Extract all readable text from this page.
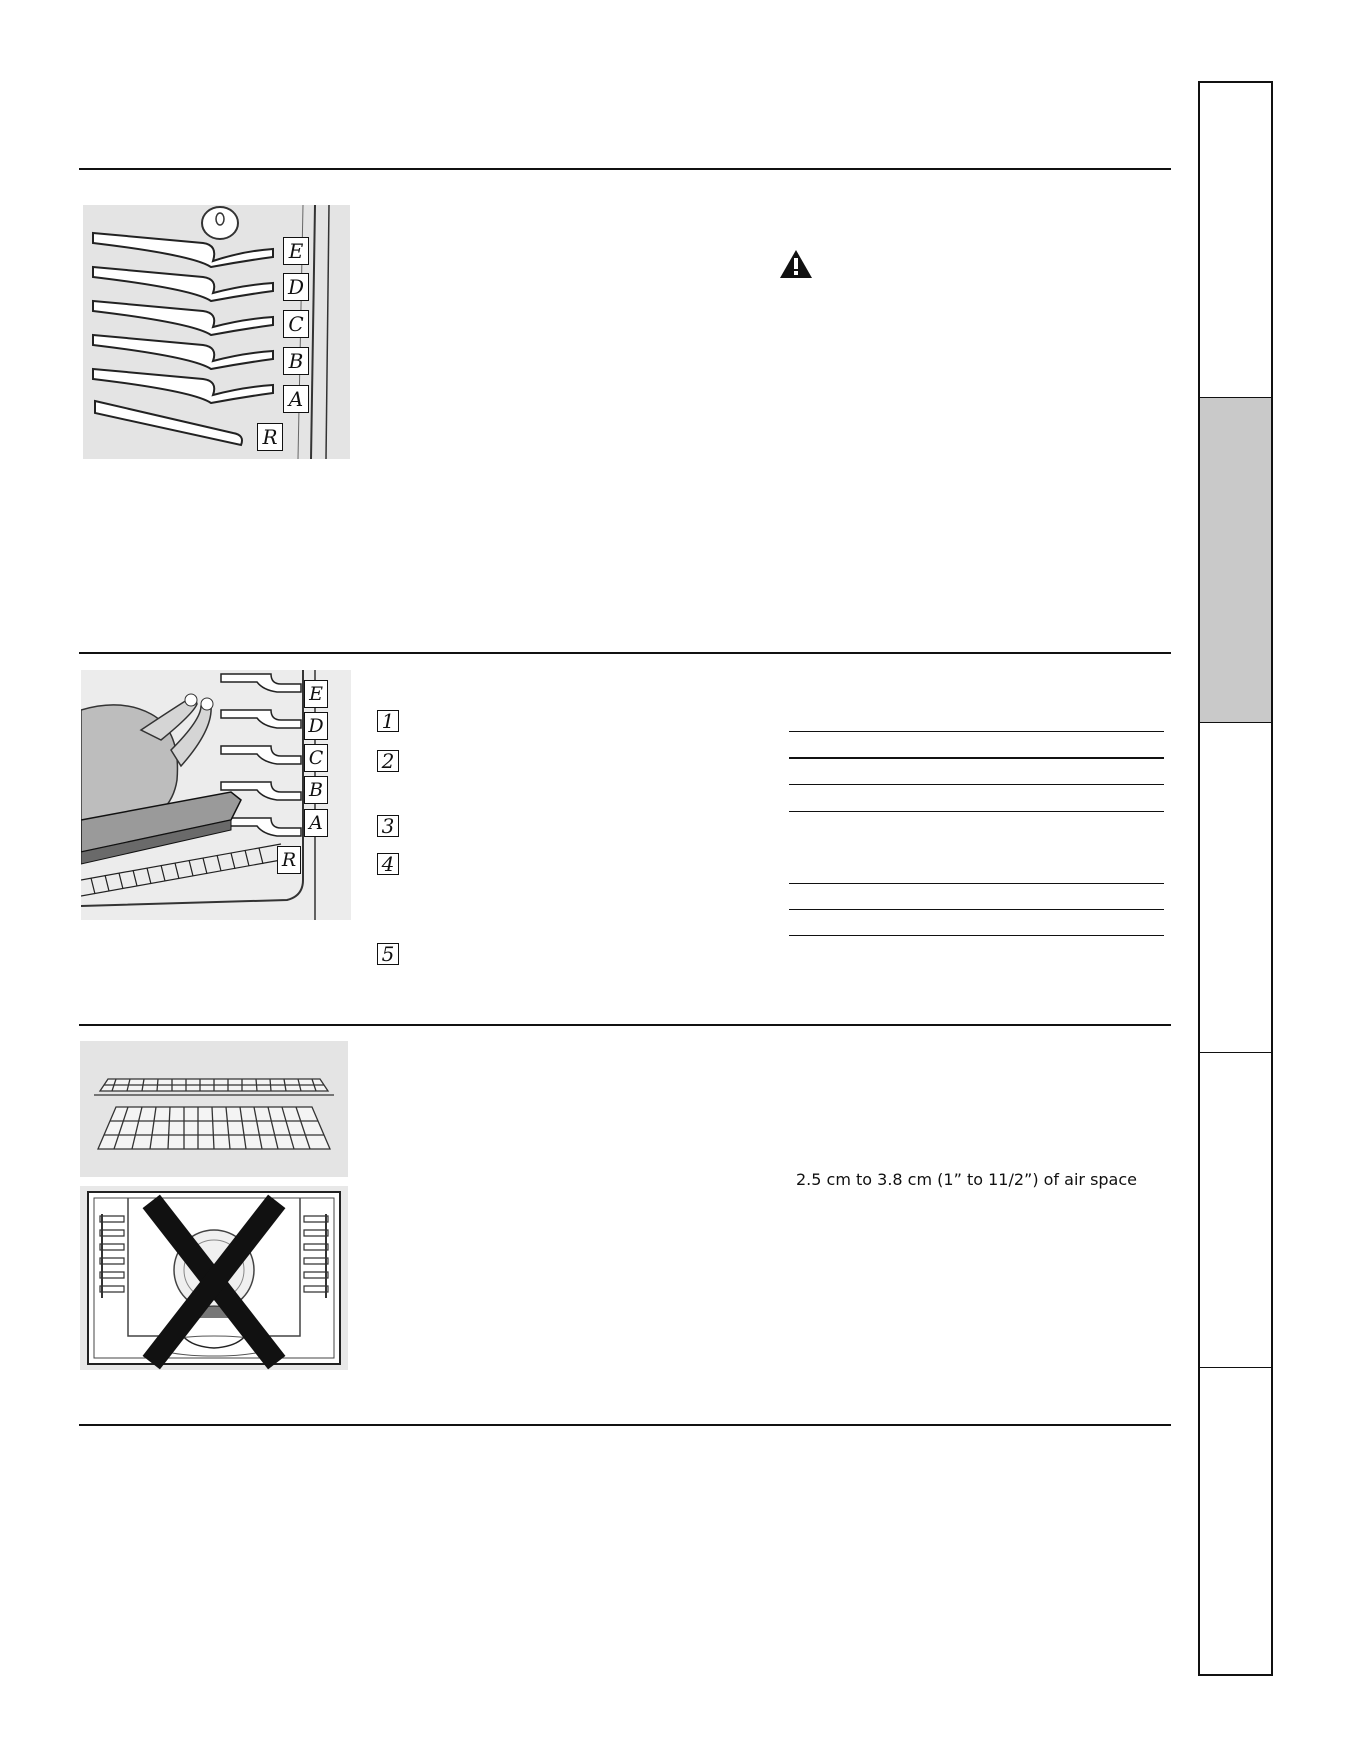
E
D
C
B
A
R
E
D
C
B
A
R
1
2
3
4
5
2.5 cm to 3.8 cm (1” to 11/2”) of air space
